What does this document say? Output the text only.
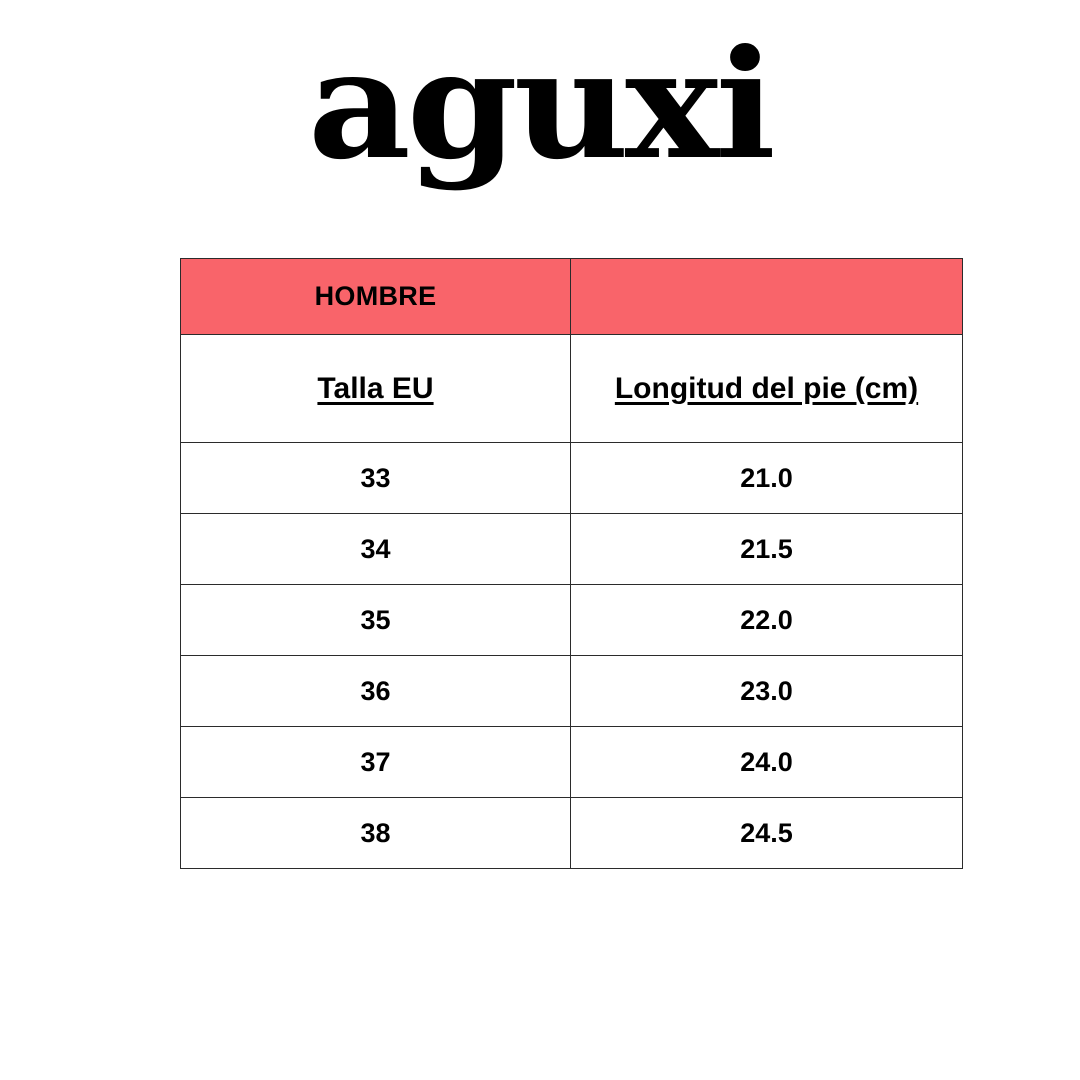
aguxi
HOMBRE	
Talla EU	Longitud del pie (cm)
33	21.0
34	21.5
35	22.0
36	23.0
37	24.0
38	24.5
